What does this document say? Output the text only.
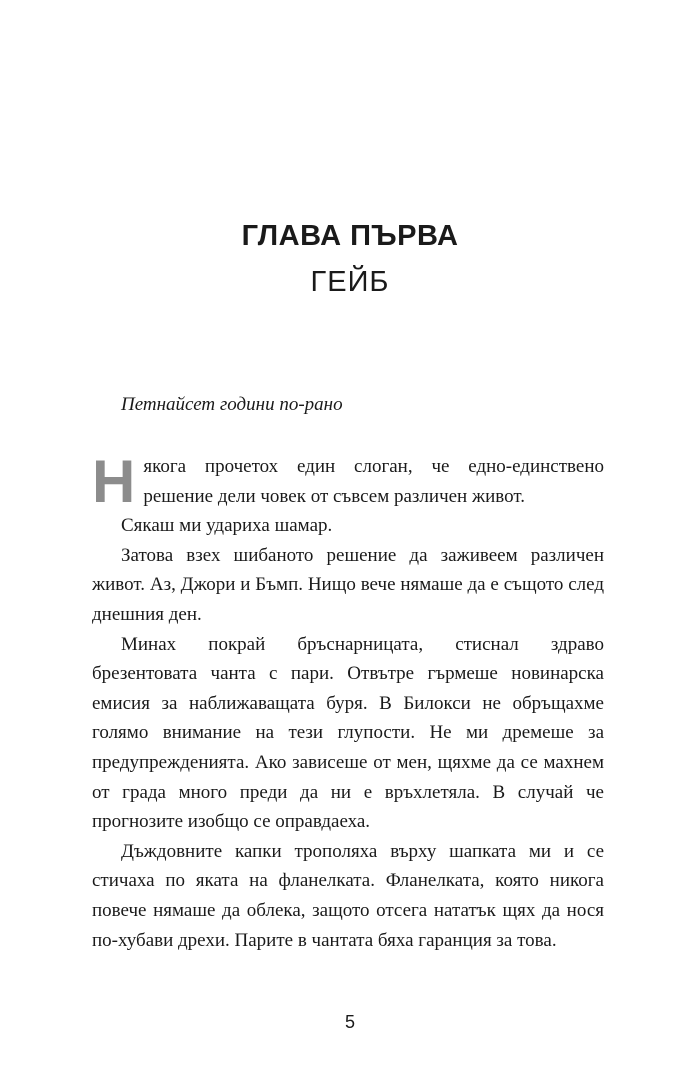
ГЛАВА ПЪРВА
ГЕЙБ
Петнайсет години по-рано

Някога прочетох един слоган, че едно-единствено решение дели човек от съвсем различен живот.

Сякаш ми удариха шамар.

Затова взех шибаното решение да заживеем различен живот. Аз, Джори и Бъмп. Нищо вече нямаше да е същото след днешния ден.

Минах покрай бръснарницата, стиснал здраво брезентовата чанта с пари. Отвътре гърмеше новинарска емисия за наближаващата буря. В Билокси не обръщахме голямо внимание на тези глупости. Не ми дремеше за предупрежденията. Ако зависеше от мен, щяхме да се махнем от града много преди да ни е връхлетяла. В случай че прогнозите изобщо се оправдаеха.

Дъждовните капки трополяха върху шапката ми и се стичаха по яката на фланелката. Фланелката, която никога повече нямаше да облека, защото отсега нататък щях да нося по-хубави дрехи. Парите в чантата бяха гаранция за това.

5
